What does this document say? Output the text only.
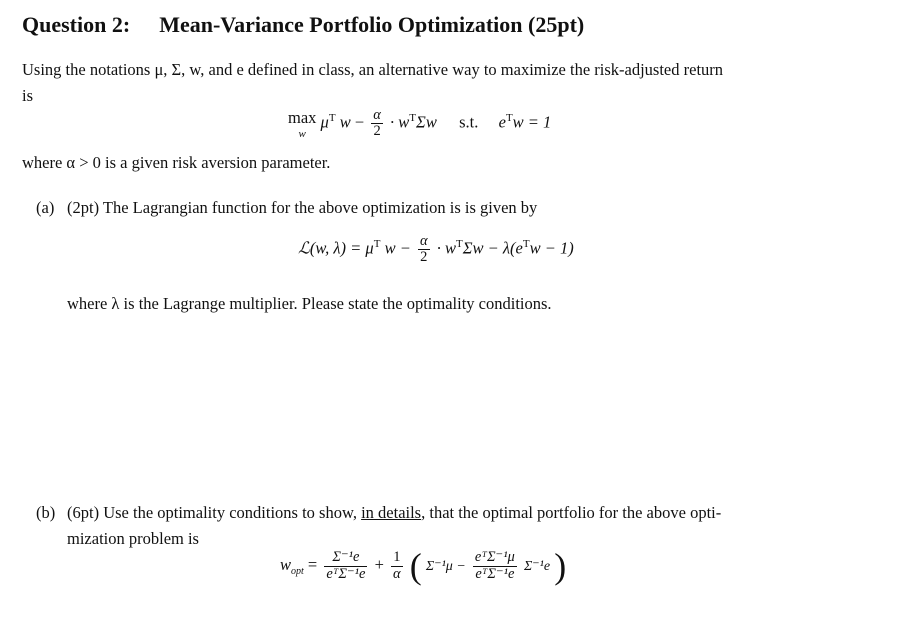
Question 2: Mean-Variance Portfolio Optimization (25pt)
Using the notations μ, Σ, w, and e defined in class, an alternative way to maximize the risk-adjusted return
is
max
$^w$ $\mu^T$ $w - \frac{\alpha}{2} \cdot w^T\Sigma w$ s.t. $e^Tw = 1$
where α > 0 is a given risk aversion parameter.
(a) (2pt) The Lagrangian function for the above optimization is is given by
ℒ(w, $\lambda) = \mu^T$ $w - \frac{\alpha}{2} \cdot w^T\Sigma w - \lambda(e^Tw - 1)$
where λ is the Lagrange multiplier. Please state the optimality conditions.
(b) (6pt) Use the optimality conditions to show, in details, that the optimal portfolio for the above opti-
mization problem is
$w_{opt} = \frac{\text{Σ⁻¹e}}{\text{eᵀΣ⁻¹e}} + \frac{1}{\alpha}$ ( $\Sigma^{-1}\mu - \frac{\text{eᵀΣ⁻¹μ}}{\text{eᵀΣ⁻¹e}} \Sigma^{-1}e$ )
